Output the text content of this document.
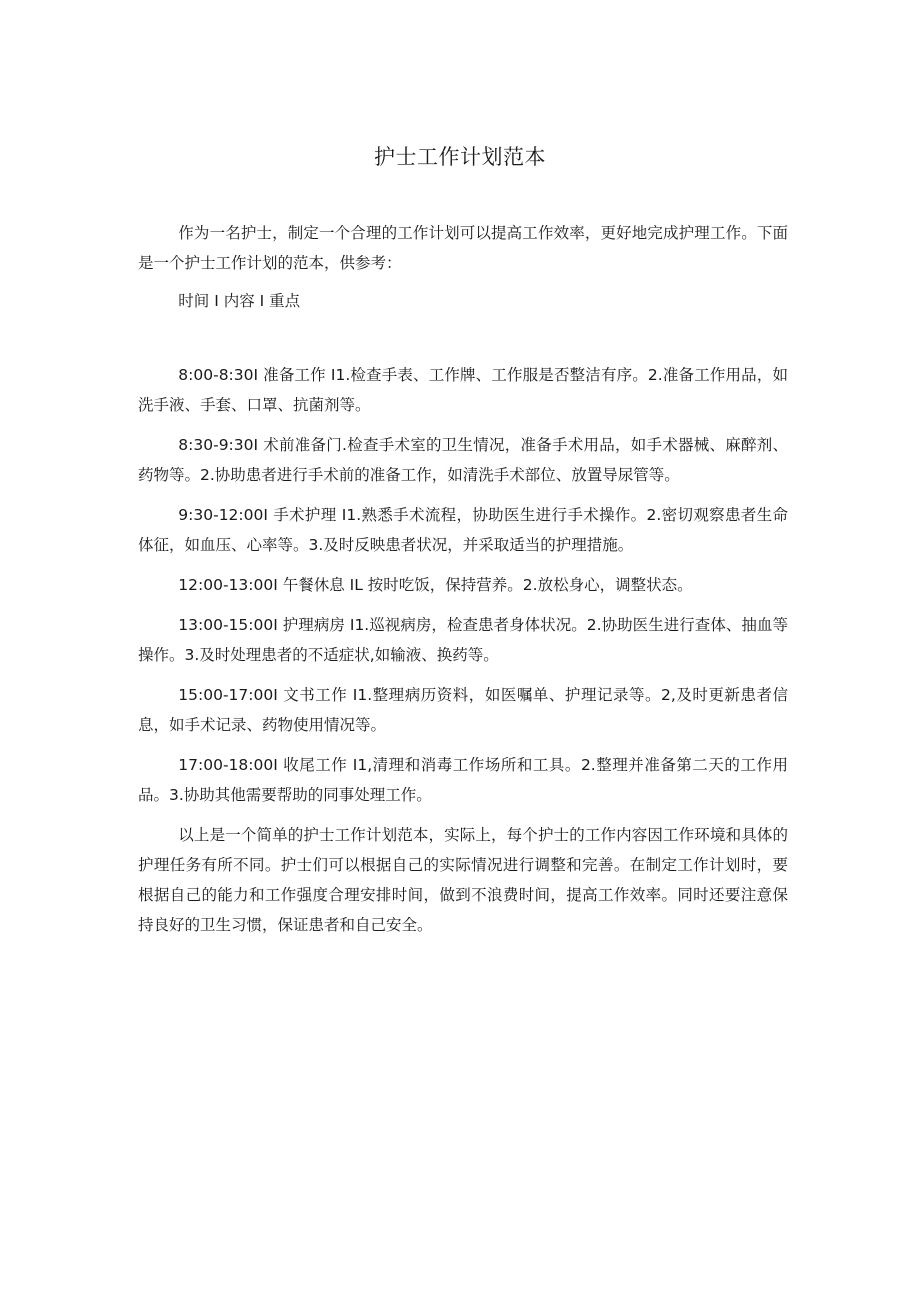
护士工作计划范本

作为一名护士，制定一个合理的工作计划可以提高工作效率，更好地完成护理工作。下面是一个护士工作计划的范本，供参考：

时间 I 内容 I 重点

8:00-8:30I 准备工作 I1.检查手表、工作牌、工作服是否整洁有序。2.准备工作用品，如洗手液、手套、口罩、抗菌剂等。

8:30-9:30I 术前准备门.检查手术室的卫生情况，准备手术用品，如手术器械、麻醉剂、药物等。2.协助患者进行手术前的准备工作，如清洗手术部位、放置导尿管等。

9:30-12:00I 手术护理 I1.熟悉手术流程，协助医生进行手术操作。2.密切观察患者生命体征，如血压、心率等。3.及时反映患者状况，并采取适当的护理措施。

12:00-13:00I 午餐休息 IL 按时吃饭，保持营养。2.放松身心，调整状态。

13:00-15:00I 护理病房 I1.巡视病房，检查患者身体状况。2.协助医生进行查体、抽血等操作。3.及时处理患者的不适症状,如输液、换药等。

15:00-17:00I 文书工作 I1.整理病历资料，如医嘱单、护理记录等。2,及时更新患者信息，如手术记录、药物使用情况等。

17:00-18:00I 收尾工作 I1,清理和消毒工作场所和工具。2.整理并准备第二天的工作用品。3.协助其他需要帮助的同事处理工作。

以上是一个简单的护士工作计划范本，实际上，每个护士的工作内容因工作环境和具体的护理任务有所不同。护士们可以根据自己的实际情况进行调整和完善。在制定工作计划时，要根据自己的能力和工作强度合理安排时间，做到不浪费时间，提高工作效率。同时还要注意保持良好的卫生习惯，保证患者和自己安全。
